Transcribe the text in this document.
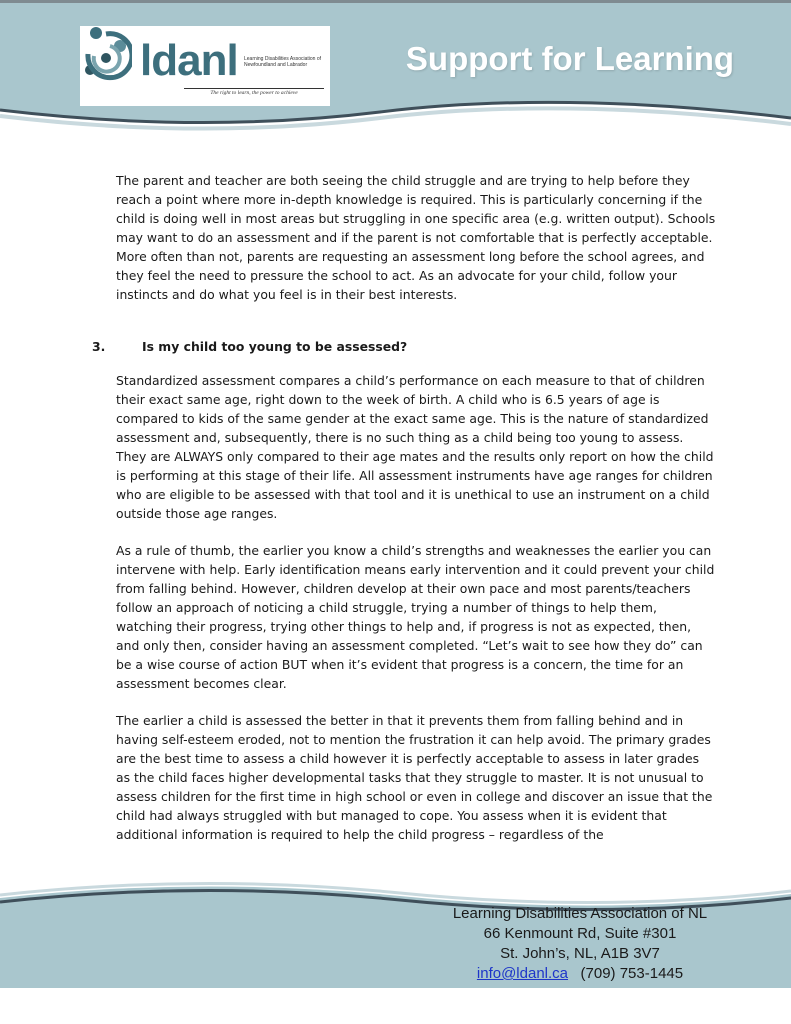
ldanl Learning Disabilities Association of Newfoundland and Labrador
The right to learn, the power to achieve
Support for Learning

The parent and teacher are both seeing the child struggle and are trying to help before they reach a point where more in-depth knowledge is required. This is particularly concerning if the child is doing well in most areas but struggling in one specific area (e.g. written output). Schools may want to do an assessment and if the parent is not comfortable that is perfectly acceptable. More often than not, parents are requesting an assessment long before the school agrees, and they feel the need to pressure the school to act. As an advocate for your child, follow your instincts and do what you feel is in their best interests.

3.	Is my child too young to be assessed?

Standardized assessment compares a child’s performance on each measure to that of children their exact same age, right down to the week of birth. A child who is 6.5 years of age is compared to kids of the same gender at the exact same age. This is the nature of standardized assessment and, subsequently, there is no such thing as a child being too young to assess. They are ALWAYS only compared to their age mates and the results only report on how the child is performing at this stage of their life. All assessment instruments have age ranges for children who are eligible to be assessed with that tool and it is unethical to use an instrument on a child outside those age ranges.

As a rule of thumb, the earlier you know a child’s strengths and weaknesses the earlier you can intervene with help. Early identification means early intervention and it could prevent your child from falling behind. However, children develop at their own pace and most parents/teachers follow an approach of noticing a child struggle, trying a number of things to help them, watching their progress, trying other things to help and, if progress is not as expected, then, and only then, consider having an assessment completed. “Let’s wait to see how they do” can be a wise course of action BUT when it’s evident that progress is a concern, the time for an assessment becomes clear.

The earlier a child is assessed the better in that it prevents them from falling behind and in having self-esteem eroded, not to mention the frustration it can help avoid. The primary grades are the best time to assess a child however it is perfectly acceptable to assess in later grades as the child faces higher developmental tasks that they struggle to master. It is not unusual to assess children for the first time in high school or even in college and discover an issue that the child had always struggled with but managed to cope. You assess when it is evident that additional information is required to help the child progress – regardless of the

Learning Disabilities Association of NL
66 Kenmount Rd, Suite #301
St. John’s, NL, A1B 3V7
info@ldanl.ca (709) 753-1445
